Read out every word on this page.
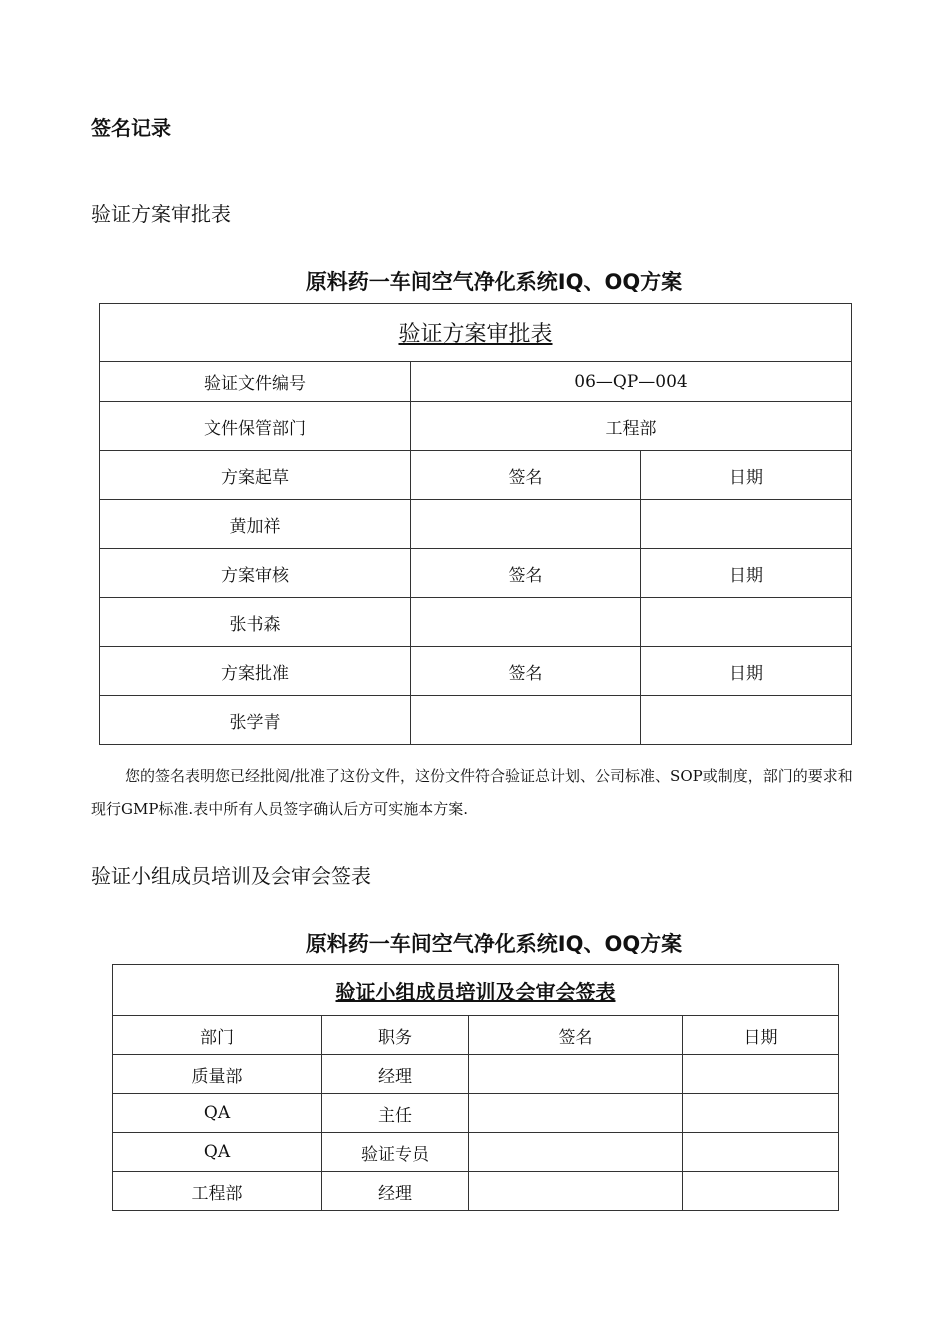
签名记录
验证方案审批表
原料药一车间空气净化系统IQ、OQ方案
验证方案审批表		
验证文件编号	06—QP—004	
文件保管部门	工程部	
方案起草	签名	日期
黄加祥		
方案审核	签名	日期
张书森		
方案批准	签名	日期
张学青		
您的签名表明您已经批阅/批准了这份文件，这份文件符合验证总计划、公司标准、SOP或制度，部门的要求和现行GMP标准.表中所有人员签字确认后方可实施本方案.
验证小组成员培训及会审会签表
原料药一车间空气净化系统IQ、OQ方案
验证小组成员培训及会审会签表			
部门	职务	签名	日期
质量部	经理		
QA	主任		
QA	验证专员		
工程部	经理		
